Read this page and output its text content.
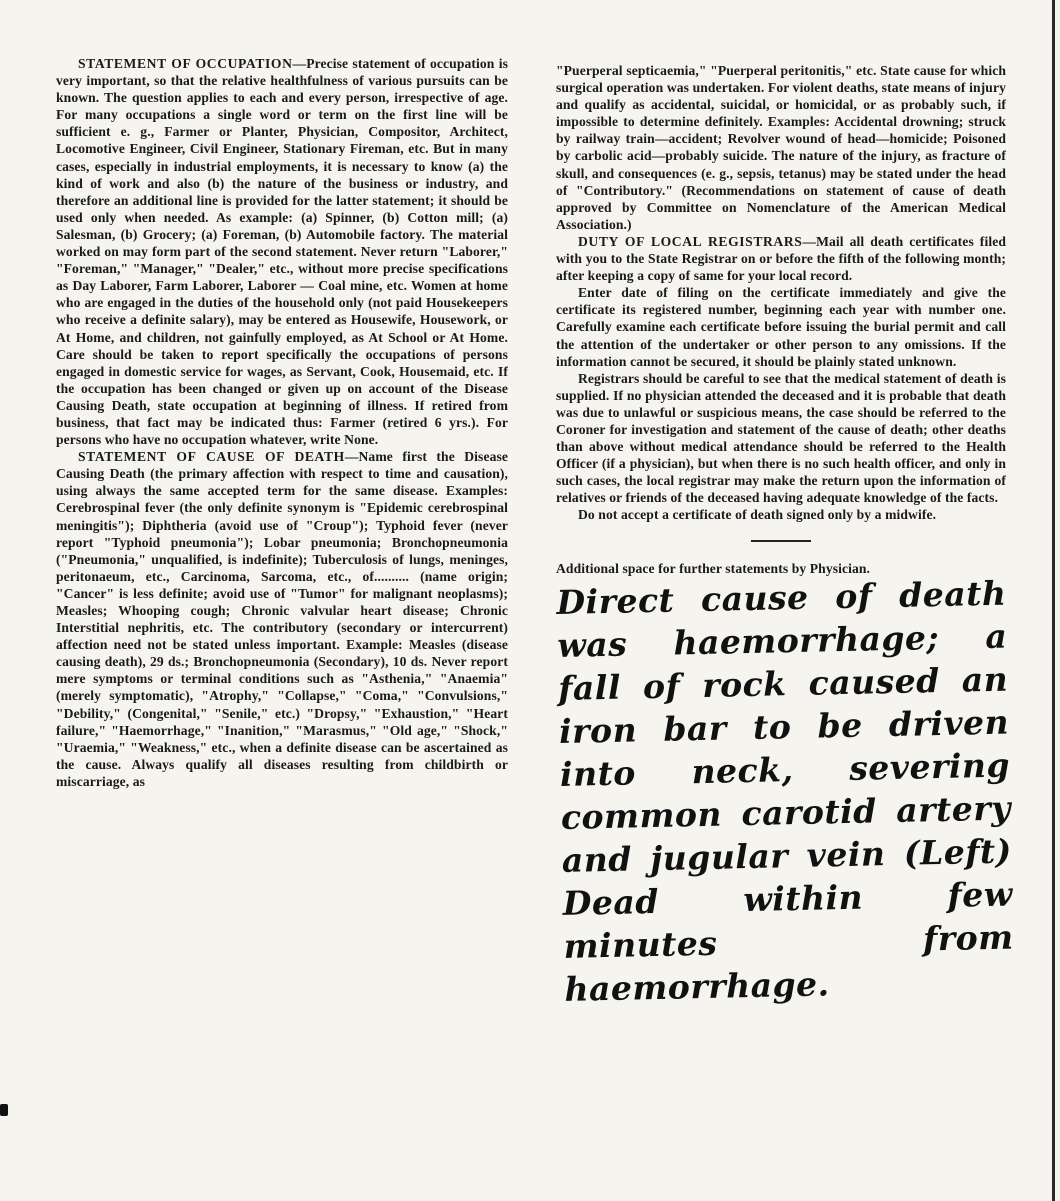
STATEMENT OF OCCUPATION—Precise statement of occupation is very important, so that the relative healthfulness of various pursuits can be known. The question applies to each and every person, irrespective of age. For many occupations a single word or term on the first line will be sufficient e. g., Farmer or Planter, Physician, Compositor, Architect, Locomotive Engineer, Civil Engineer, Stationary Fireman, etc. But in many cases, especially in industrial employments, it is necessary to know (a) the kind of work and also (b) the nature of the business or industry, and therefore an additional line is provided for the latter statement; it should be used only when needed. As example: (a) Spinner, (b) Cotton mill; (a) Salesman, (b) Grocery; (a) Foreman, (b) Automobile factory. The material worked on may form part of the second statement. Never return "Laborer," "Foreman," "Manager," "Dealer," etc., without more precise specifications as Day Laborer, Farm Laborer, Laborer — Coal mine, etc. Women at home who are engaged in the duties of the household only (not paid Housekeepers who receive a definite salary), may be entered as Housewife, Housework, or At Home, and children, not gainfully employed, as At School or At Home. Care should be taken to report specifically the occupations of persons engaged in domestic service for wages, as Servant, Cook, Housemaid, etc. If the occupation has been changed or given up on account of the Disease Causing Death, state occupation at beginning of illness. If retired from business, that fact may be indicated thus: Farmer (retired 6 yrs.). For persons who have no occupation whatever, write None.

STATEMENT OF CAUSE OF DEATH—Name first the Disease Causing Death (the primary affection with respect to time and causation), using always the same accepted term for the same disease. Examples: Cerebrospinal fever (the only definite synonym is "Epidemic cerebrospinal meningitis"); Diphtheria (avoid use of "Croup"); Typhoid fever (never report "Typhoid pneumonia"); Lobar pneumonia; Bronchopneumonia ("Pneumonia," unqualified, is indefinite); Tuberculosis of lungs, meninges, peritonaeum, etc., Carcinoma, Sarcoma, etc., of.......... (name origin; "Cancer" is less definite; avoid use of "Tumor" for malignant neoplasms); Measles; Whooping cough; Chronic valvular heart disease; Chronic Interstitial nephritis, etc. The contributory (secondary or intercurrent) affection need not be stated unless important. Example: Measles (disease causing death), 29 ds.; Bronchopneumonia (Secondary), 10 ds. Never report mere symptoms or terminal conditions such as "Asthenia," "Anaemia" (merely symptomatic), "Atrophy," "Collapse," "Coma," "Convulsions," "Debility," (Congenital," "Senile," etc.) "Dropsy," "Exhaustion," "Heart failure," "Haemorrhage," "Inanition," "Marasmus," "Old age," "Shock," "Uraemia," "Weakness," etc., when a definite disease can be ascertained as the cause. Always qualify all diseases resulting from childbirth or miscarriage, as

"Puerperal septicaemia," "Puerperal peritonitis," etc. State cause for which surgical operation was undertaken. For violent deaths, state means of injury and qualify as accidental, suicidal, or homicidal, or as probably such, if impossible to determine definitely. Examples: Accidental drowning; struck by railway train—accident; Revolver wound of head—homicide; Poisoned by carbolic acid—probably suicide. The nature of the injury, as fracture of skull, and consequences (e. g., sepsis, tetanus) may be stated under the head of "Contributory." (Recommendations on statement of cause of death approved by Committee on Nomenclature of the American Medical Association.)

DUTY OF LOCAL REGISTRARS—Mail all death certificates filed with you to the State Registrar on or before the fifth of the following month; after keeping a copy of same for your local record.

Enter date of filing on the certificate immediately and give the certificate its registered number, beginning each year with number one. Carefully examine each certificate before issuing the burial permit and call the attention of the undertaker or other person to any omissions. If the information cannot be secured, it should be plainly stated unknown.

Registrars should be careful to see that the medical statement of death is supplied. If no physician attended the deceased and it is probable that death was due to unlawful or suspicious means, the case should be referred to the Coroner for investigation and statement of the cause of death; other deaths than above without medical attendance should be referred to the Health Officer (if a physician), but when there is no such health officer, and only in such cases, the local registrar may make the return upon the information of relatives or friends of the deceased having adequate knowledge of the facts.

Do not accept a certificate of death signed only by a midwife.

Additional space for further statements by Physician.
Direct cause of death was haemorrhage; a fall of rock caused an iron bar to be driven into neck, severing common carotid artery and jugular vein (Left) Dead within few minutes from haemorrhage.
